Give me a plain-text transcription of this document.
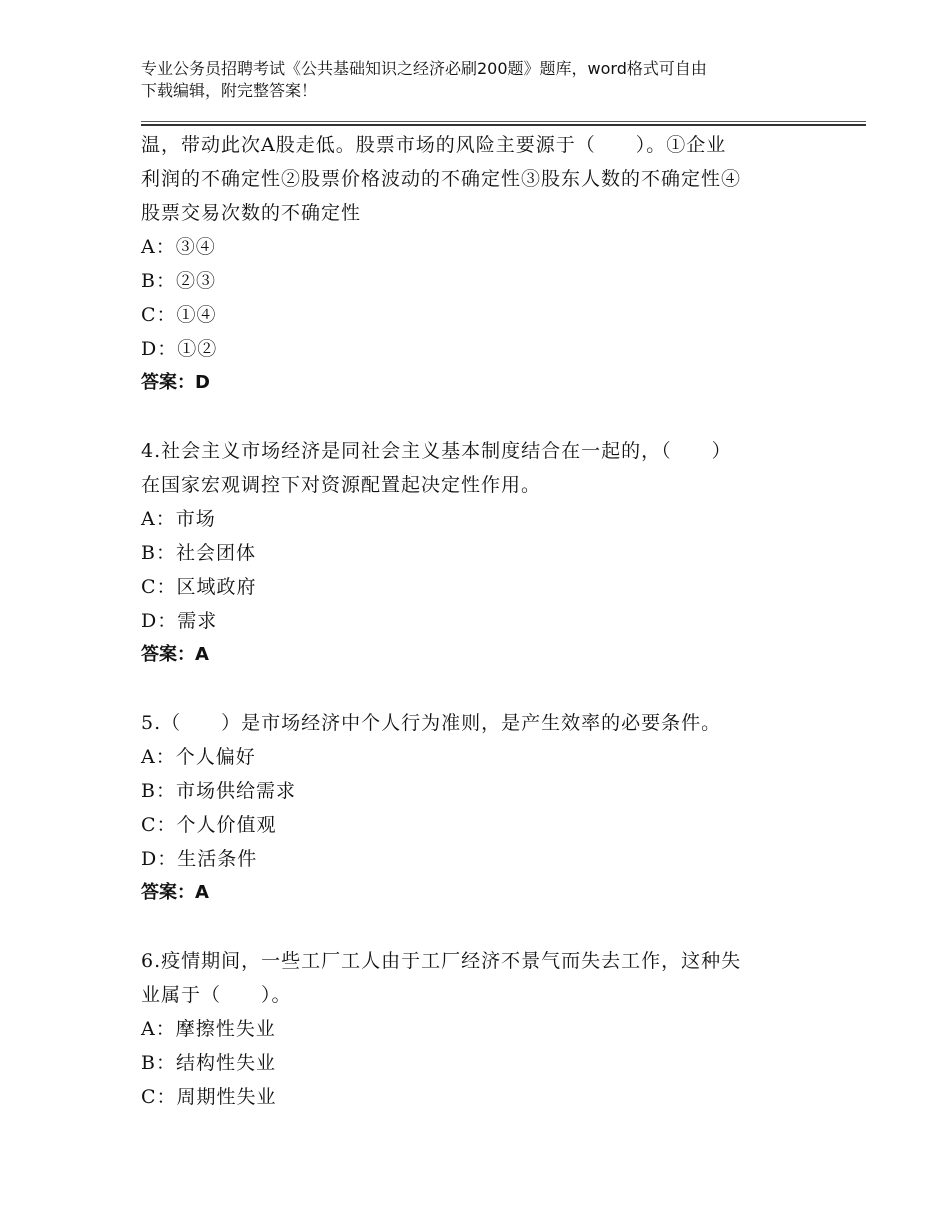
专业公务员招聘考试《公共基础知识之经济必刷200题》题库，word格式可自由
下载编辑，附完整答案！
温，带动此次A股走低。股票市场的风险主要源于（　　）。①企业
利润的不确定性②股票价格波动的不确定性③股东人数的不确定性④
股票交易次数的不确定性
A：③④
B：②③
C：①④
D：①②
答案：D
4.社会主义市场经济是同社会主义基本制度结合在一起的，（　　）
在国家宏观调控下对资源配置起决定性作用。
A：市场
B：社会团体
C：区域政府
D：需求
答案：A
5.（　　）是市场经济中个人行为准则，是产生效率的必要条件。
A：个人偏好
B：市场供给需求
C：个人价值观
D：生活条件
答案：A
6.疫情期间，一些工厂工人由于工厂经济不景气而失去工作，这种失
业属于（　　）。
A：摩擦性失业
B：结构性失业
C：周期性失业
